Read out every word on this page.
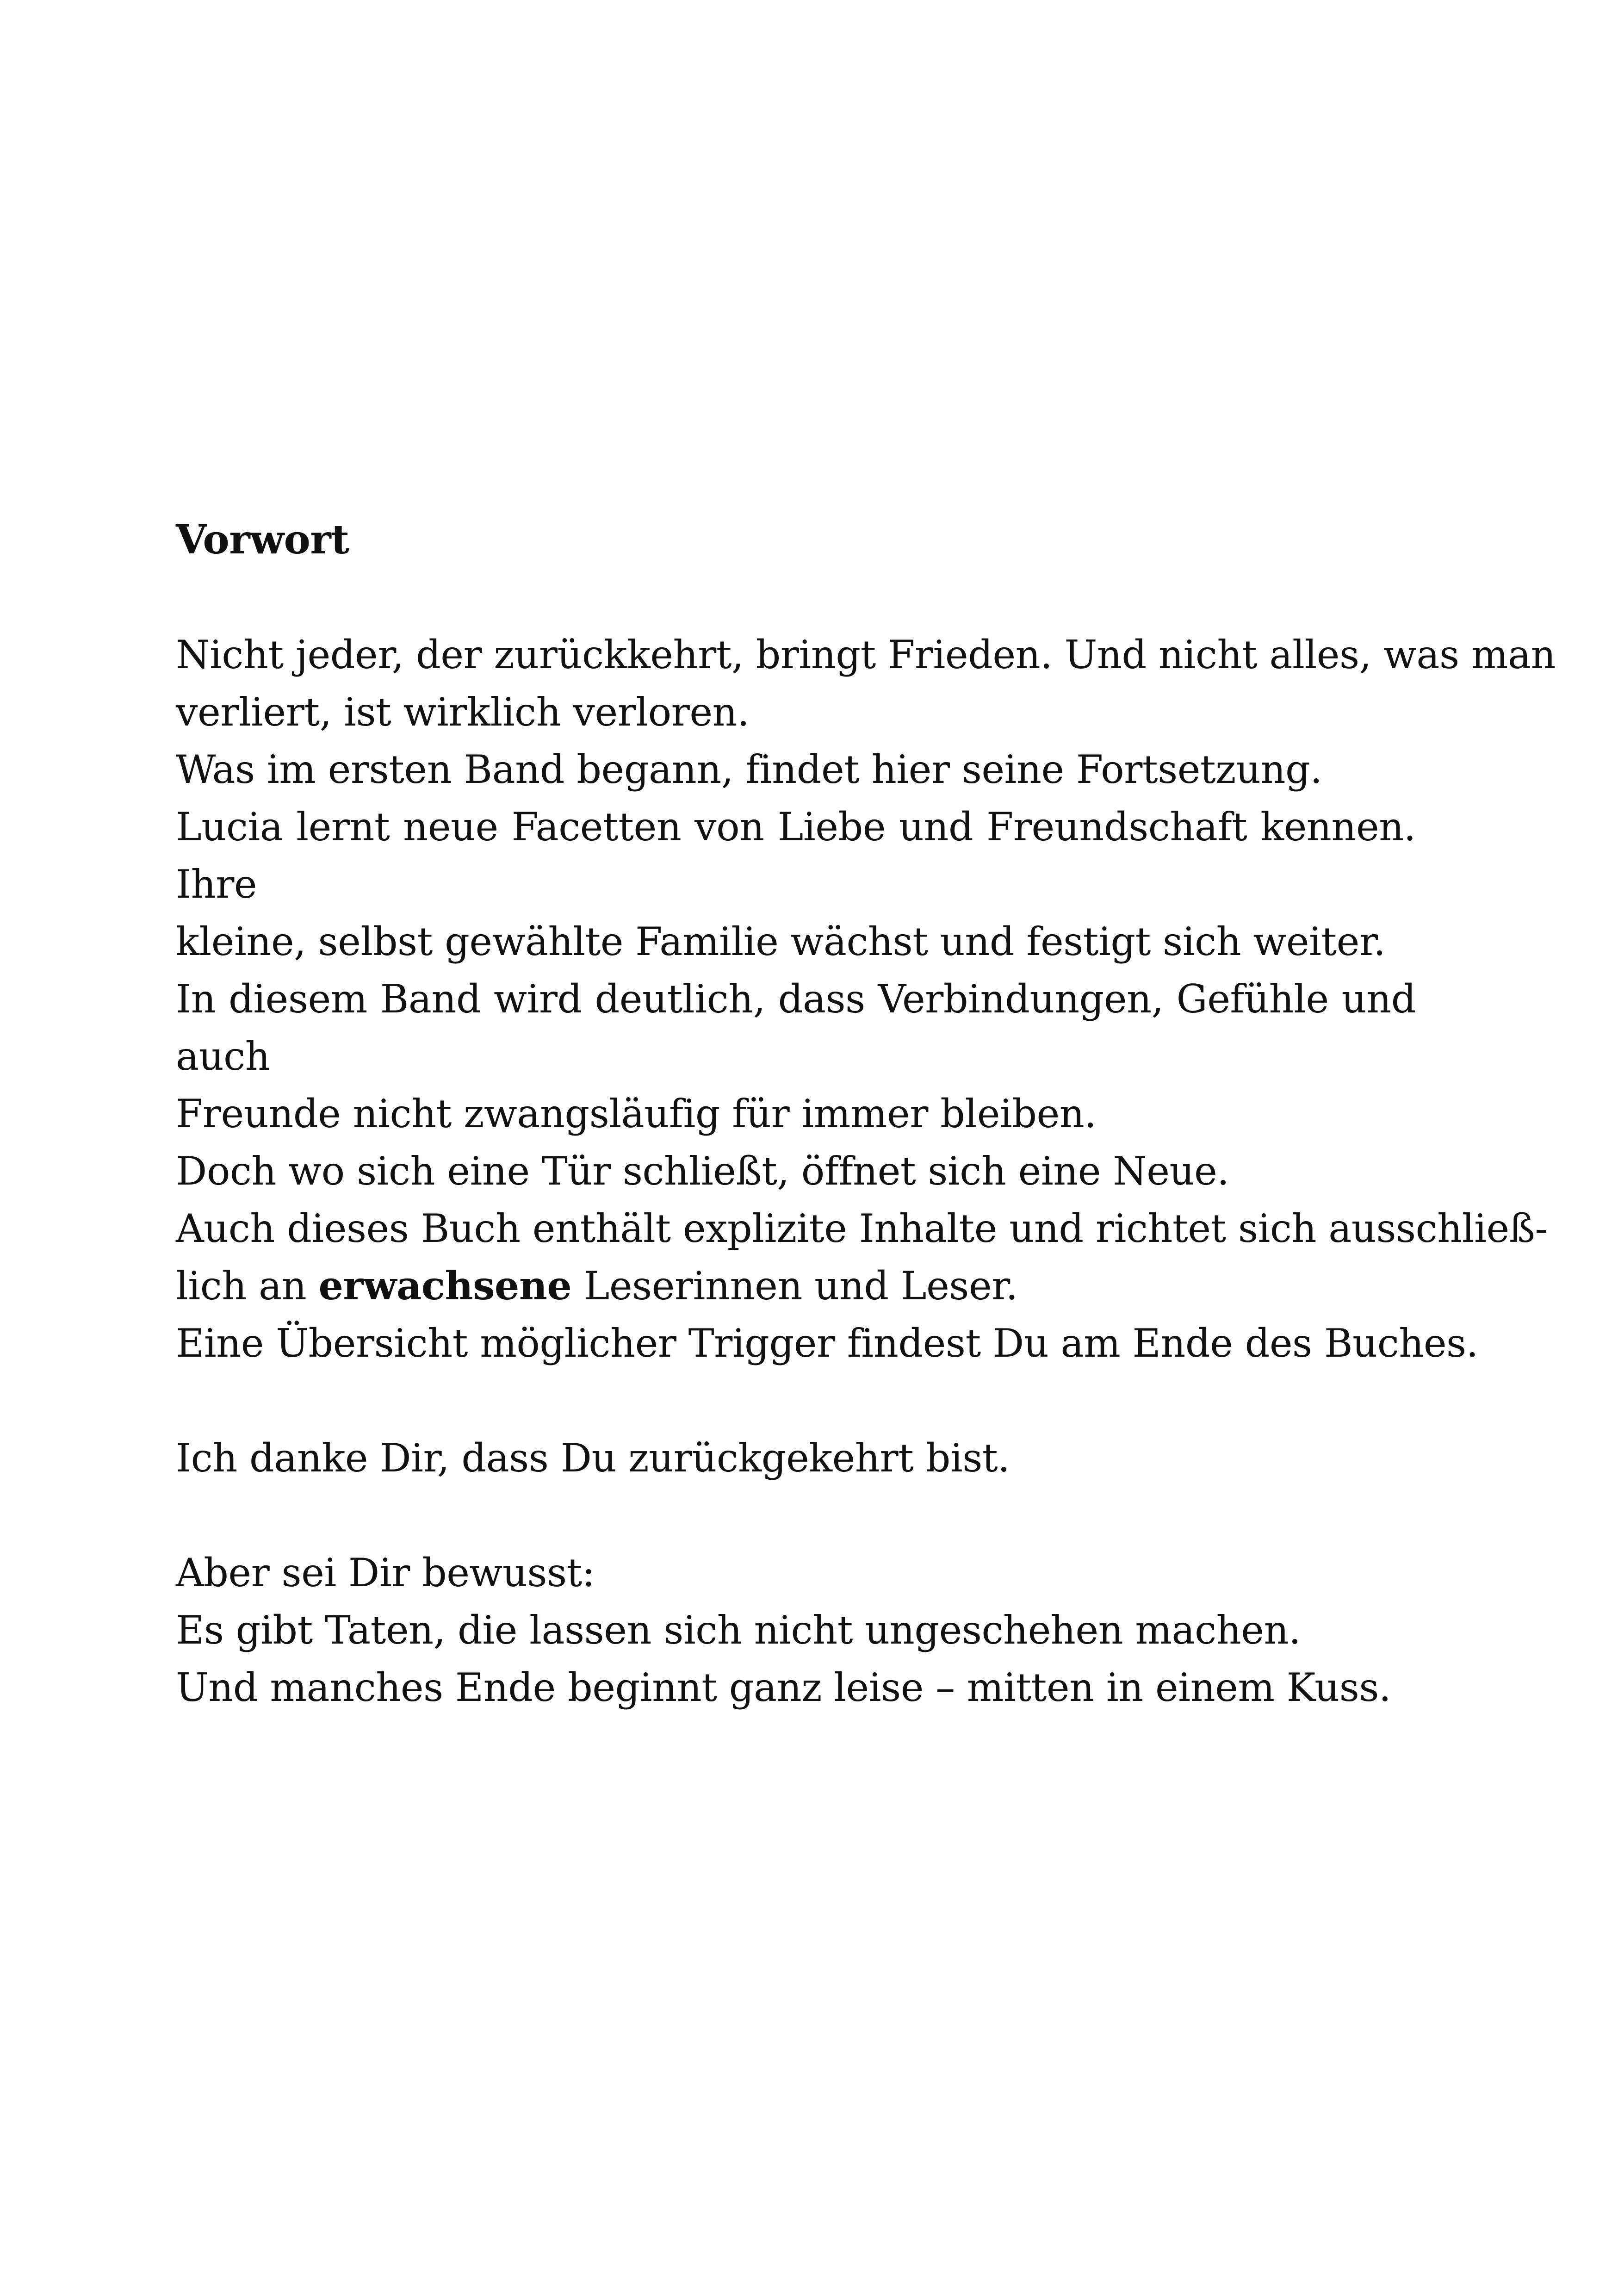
Vorwort
Nicht jeder, der zurückkehrt, bringt Frieden. Und nicht alles, was man
verliert, ist wirklich verloren.
Was im ersten Band begann, findet hier seine Fortsetzung.
Lucia lernt neue Facetten von Liebe und Freundschaft kennen. Ihre
kleine, selbst gewählte Familie wächst und festigt sich weiter.
In diesem Band wird deutlich, dass Verbindungen, Gefühle und auch
Freunde nicht zwangsläufig für immer bleiben.
Doch wo sich eine Tür schließt, öffnet sich eine Neue.
Auch dieses Buch enthält explizite Inhalte und richtet sich ausschließ-
lich an erwachsene Leserinnen und Leser.
Eine Übersicht möglicher Trigger findest Du am Ende des Buches.
Ich danke Dir, dass Du zurückgekehrt bist.
Aber sei Dir bewusst:
Es gibt Taten, die lassen sich nicht ungeschehen machen.
Und manches Ende beginnt ganz leise – mitten in einem Kuss.
